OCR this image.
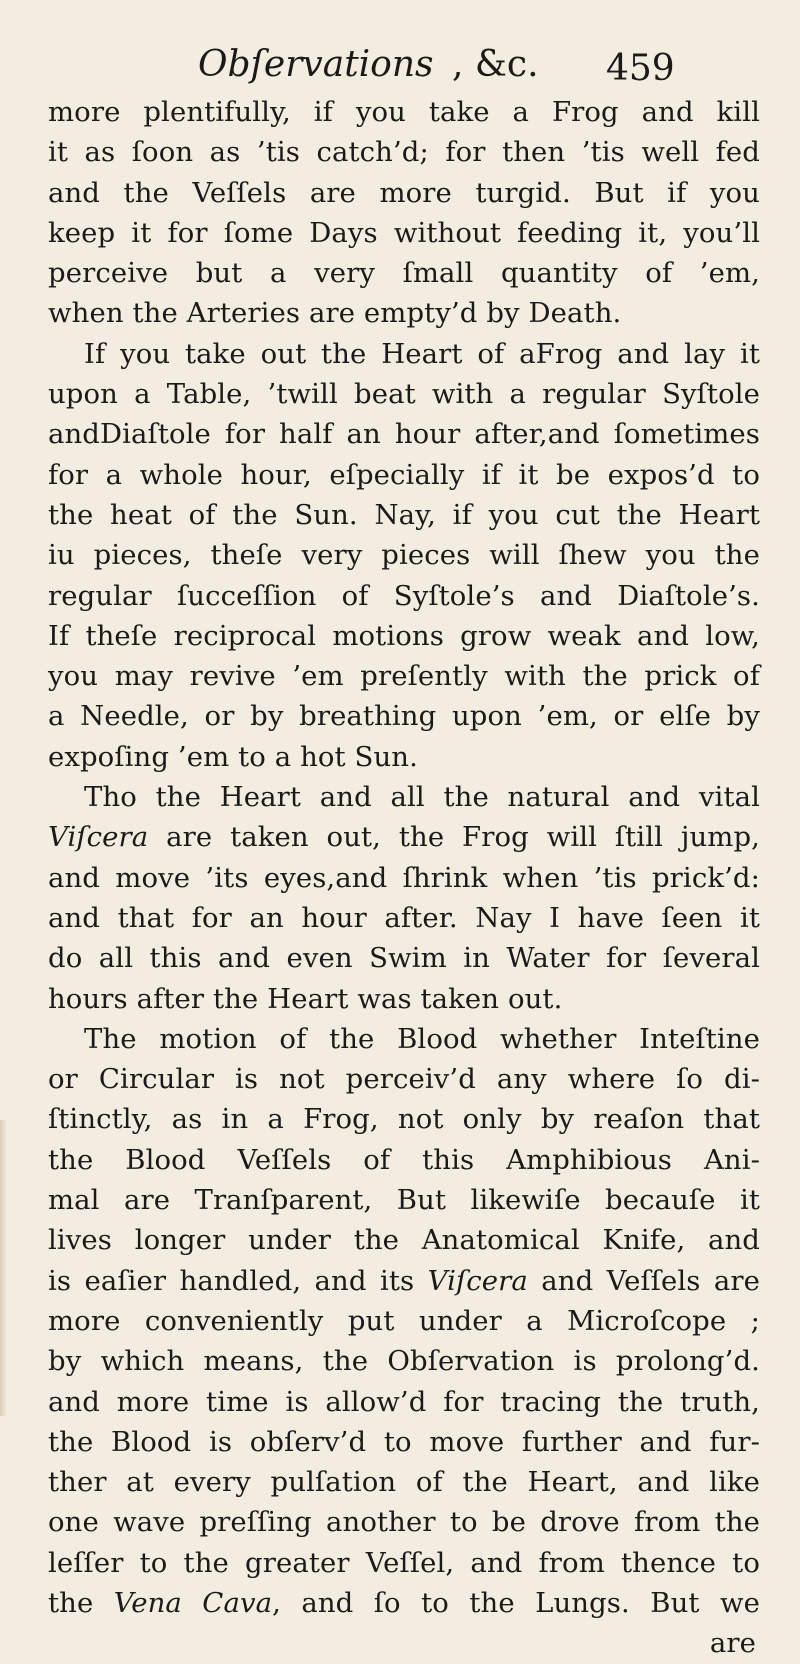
Obſervations , &c. 459
more plentifully, if you take a Frog and kill
it as ſoon as ’tis catch’d; for then ’tis well fed
and the Veſſels are more turgid. But if you
keep it for ſome Days without feeding it, you’ll
perceive but a very ſmall quantity of ’em,
when the Arteries are empty’d by Death.
If you take out the Heart of aFrog and lay it
upon a Table, ’twill beat with a regular Syſtole
andDiaſtole for half an hour after,and ſometimes
for a whole hour, eſpecially if it be expos’d to
the heat of the Sun. Nay, if you cut the Heart
iu pieces, theſe very pieces will ſhew you the
regular ſucceſſion of Syſtole’s and Diaſtole’s.
If theſe reciprocal motions grow weak and low,
you may revive ’em preſently with the prick of
a Needle, or by breathing upon ’em, or elſe by
expoſing ’em to a hot Sun.
Tho the Heart and all the natural and vital
Viſcera are taken out, the Frog will ſtill jump,
and move ’its eyes,and ſhrink when ’tis prick’d:
and that for an hour after. Nay I have ſeen it
do all this and even Swim in Water for ſeveral
hours after the Heart was taken out.
The motion of the Blood whether Inteſtine
or Circular is not perceiv’d any where ſo di-
ſtinctly, as in a Frog, not only by reaſon that
the Blood Veſſels of this Amphibious Ani-
mal are Tranſparent, But likewiſe becauſe it
lives longer under the Anatomical Knife, and
is eaſier handled, and its Viſcera and Veſſels are
more conveniently put under a Microſcope ;
by which means, the Obſervation is prolong’d.
and more time is allow’d for tracing the truth,
the Blood is obſerv’d to move further and fur-
ther at every pulſation of the Heart, and like
one wave preſſing another to be drove from the
leſſer to the greater Veſſel, and from thence to
the Vena Cava, and ſo to the Lungs. But we
are
